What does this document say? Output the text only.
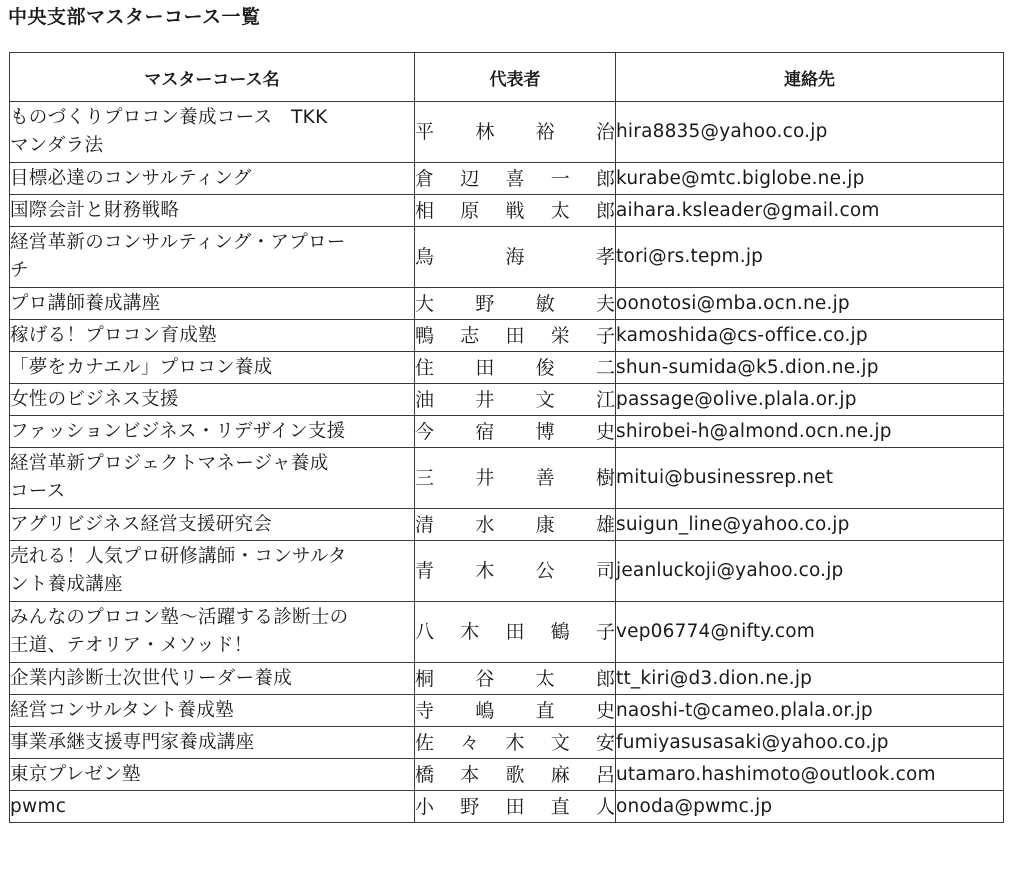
中央支部マスターコース一覧
マスターコース名	代表者	連絡先
ものづくりプロコン養成コース　TKK
マンダラ法	平 林 裕 治	hira8835@yahoo.co.jp
目標必達のコンサルティング	倉 辺 喜 一 郎	kurabe@mtc.biglobe.ne.jp
国際会計と財務戦略	相 原 戦 太 郎	aihara.ksleader@gmail.com
経営革新のコンサルティング・アプロー
チ	鳥 海 孝	tori@rs.tepm.jp
プロ講師養成講座	大 野 敏 夫	oonotosi@mba.ocn.ne.jp
稼げる！プロコン育成塾	鴨 志 田 栄 子	kamoshida@cs-office.co.jp
「夢をカナエル」プロコン養成	住 田 俊 二	shun-sumida@k5.dion.ne.jp
女性のビジネス支援	油 井 文 江	passage@olive.plala.or.jp
ファッションビジネス・リデザイン支援	今 宿 博 史	shirobei-h@almond.ocn.ne.jp
経営革新プロジェクトマネージャ養成
コース	三 井 善 樹	mitui@businessrep.net
アグリビジネス経営支援研究会	清 水 康 雄	suigun_line@yahoo.co.jp
売れる！人気プロ研修講師・コンサルタ
ント養成講座	青 木 公 司	jeanluckoji@yahoo.co.jp
みんなのプロコン塾～活躍する診断士の
王道、テオリア・メソッド！	八 木 田 鶴 子	vep06774@nifty.com
企業内診断士次世代リーダー養成	桐 谷 太 郎	tt_kiri@d3.dion.ne.jp
経営コンサルタント養成塾	寺 嶋 直 史	naoshi-t@cameo.plala.or.jp
事業承継支援専門家養成講座	佐 々 木 文 安	fumiyasusasaki@yahoo.co.jp
東京プレゼン塾	橋 本 歌 麻 呂	utamaro.hashimoto@outlook.com
pwmc	小 野 田 直 人	onoda@pwmc.jp
